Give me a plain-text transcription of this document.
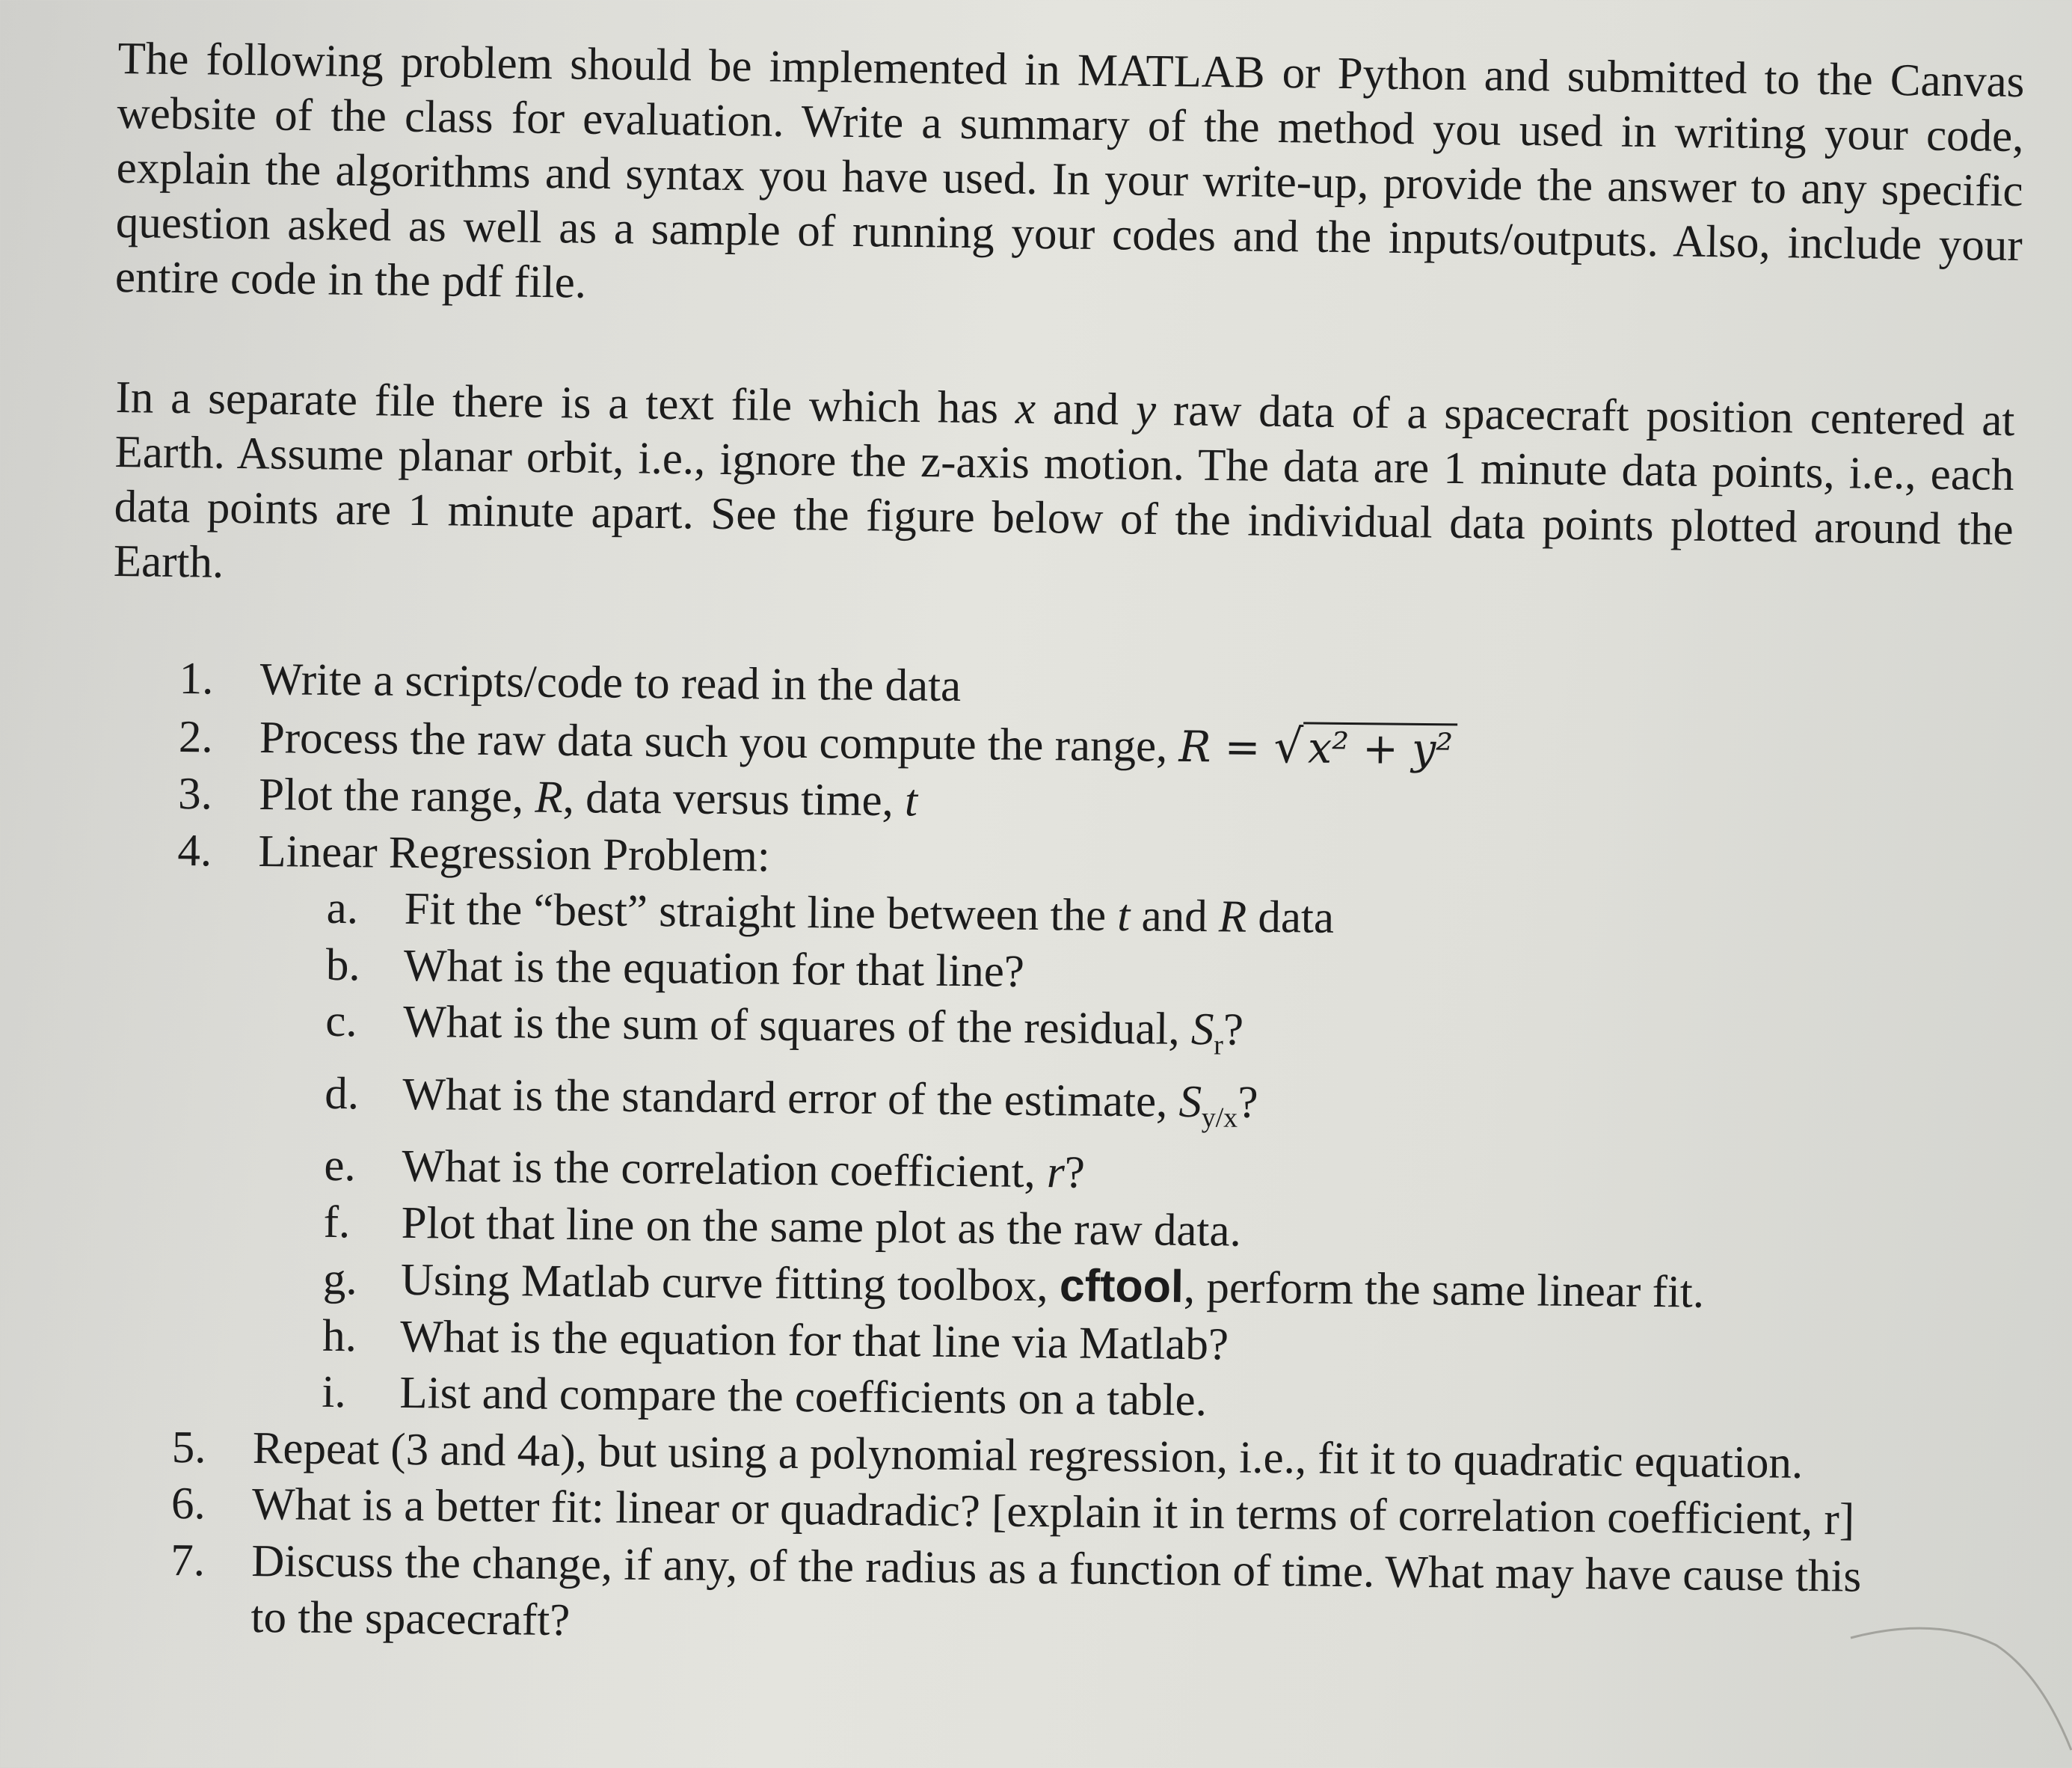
The following problem should be implemented in MATLAB or Python and submitted to the Canvas website of the class for evaluation. Write a summary of the method you used in writing your code, explain the algorithms and syntax you have used. In your write-up, provide the answer to any specific question asked as well as a sample of running your codes and the inputs/outputs. Also, include your entire code in the pdf file.

In a separate file there is a text file which has x and y raw data of a spacecraft position centered at Earth. Assume planar orbit, i.e., ignore the z-axis motion. The data are 1 minute data points, i.e., each data points are 1 minute apart. See the figure below of the individual data points plotted around the Earth.

1.	Write a scripts/code to read in the data
2.	Process the raw data such you compute the range, R = √x² + y²
3.	Plot the range, R, data versus time, t
4.	Linear Regression Problem:
a.	Fit the “best” straight line between the t and R data
b. What is the equation for that line?
c.	What is the sum of squares of the residual, $S_r$?
d. What is the standard error of the estimate, $S_{y/x}$?
e.	What is the correlation coefficient, r?
f.	Plot that line on the same plot as the raw data.
g. Using Matlab curve fitting toolbox, cftool, perform the same linear fit.
h. What is the equation for that line via Matlab?
i.	List and compare the coefficients on a table.
5.	Repeat (3 and 4a), but using a polynomial regression, i.e., fit it to quadratic equation.
6.	What is a better fit: linear or quadradic? [explain it in terms of correlation coefficient, r]
7.	Discuss the change, if any, of the radius as a function of time. What may have cause this
to the spacecraft?
